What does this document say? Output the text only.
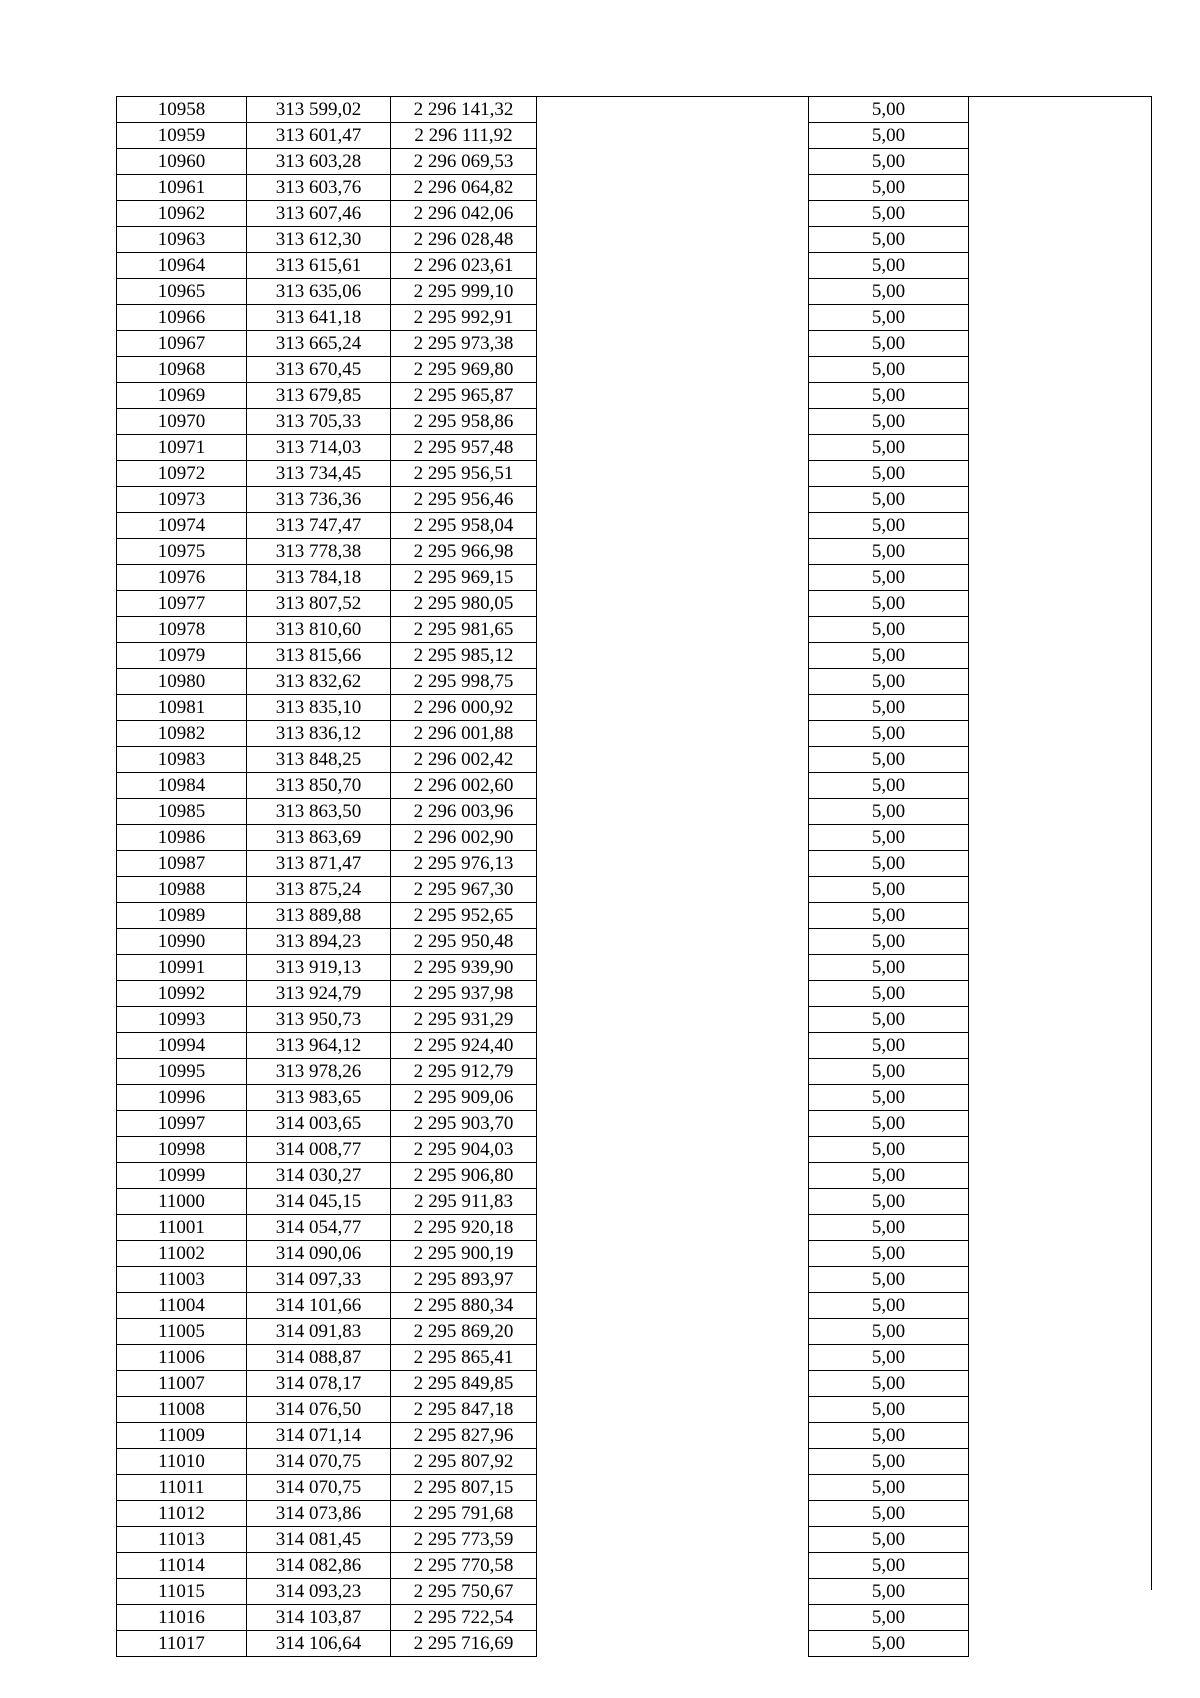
10958	313 599,02	2 296 141,32		5,00	
10959	313 601,47	2 296 111,92		5,00	
10960	313 603,28	2 296 069,53		5,00	
10961	313 603,76	2 296 064,82		5,00	
10962	313 607,46	2 296 042,06		5,00	
10963	313 612,30	2 296 028,48		5,00	
10964	313 615,61	2 296 023,61		5,00	
10965	313 635,06	2 295 999,10		5,00	
10966	313 641,18	2 295 992,91		5,00	
10967	313 665,24	2 295 973,38		5,00	
10968	313 670,45	2 295 969,80		5,00	
10969	313 679,85	2 295 965,87		5,00	
10970	313 705,33	2 295 958,86		5,00	
10971	313 714,03	2 295 957,48		5,00	
10972	313 734,45	2 295 956,51		5,00	
10973	313 736,36	2 295 956,46		5,00	
10974	313 747,47	2 295 958,04		5,00	
10975	313 778,38	2 295 966,98		5,00	
10976	313 784,18	2 295 969,15		5,00	
10977	313 807,52	2 295 980,05		5,00	
10978	313 810,60	2 295 981,65		5,00	
10979	313 815,66	2 295 985,12		5,00	
10980	313 832,62	2 295 998,75		5,00	
10981	313 835,10	2 296 000,92		5,00	
10982	313 836,12	2 296 001,88		5,00	
10983	313 848,25	2 296 002,42		5,00	
10984	313 850,70	2 296 002,60		5,00	
10985	313 863,50	2 296 003,96		5,00	
10986	313 863,69	2 296 002,90		5,00	
10987	313 871,47	2 295 976,13		5,00	
10988	313 875,24	2 295 967,30		5,00	
10989	313 889,88	2 295 952,65		5,00	
10990	313 894,23	2 295 950,48		5,00	
10991	313 919,13	2 295 939,90		5,00	
10992	313 924,79	2 295 937,98		5,00	
10993	313 950,73	2 295 931,29		5,00	
10994	313 964,12	2 295 924,40		5,00	
10995	313 978,26	2 295 912,79		5,00	
10996	313 983,65	2 295 909,06		5,00	
10997	314 003,65	2 295 903,70		5,00	
10998	314 008,77	2 295 904,03		5,00	
10999	314 030,27	2 295 906,80		5,00	
11000	314 045,15	2 295 911,83		5,00	
11001	314 054,77	2 295 920,18		5,00	
11002	314 090,06	2 295 900,19		5,00	
11003	314 097,33	2 295 893,97		5,00	
11004	314 101,66	2 295 880,34		5,00	
11005	314 091,83	2 295 869,20		5,00	
11006	314 088,87	2 295 865,41		5,00	
11007	314 078,17	2 295 849,85		5,00	
11008	314 076,50	2 295 847,18		5,00	
11009	314 071,14	2 295 827,96		5,00	
11010	314 070,75	2 295 807,92		5,00	
11011	314 070,75	2 295 807,15		5,00	
11012	314 073,86	2 295 791,68		5,00	
11013	314 081,45	2 295 773,59		5,00	
11014	314 082,86	2 295 770,58		5,00	
11015	314 093,23	2 295 750,67		5,00	
11016	314 103,87	2 295 722,54		5,00	
11017	314 106,64	2 295 716,69		5,00	
